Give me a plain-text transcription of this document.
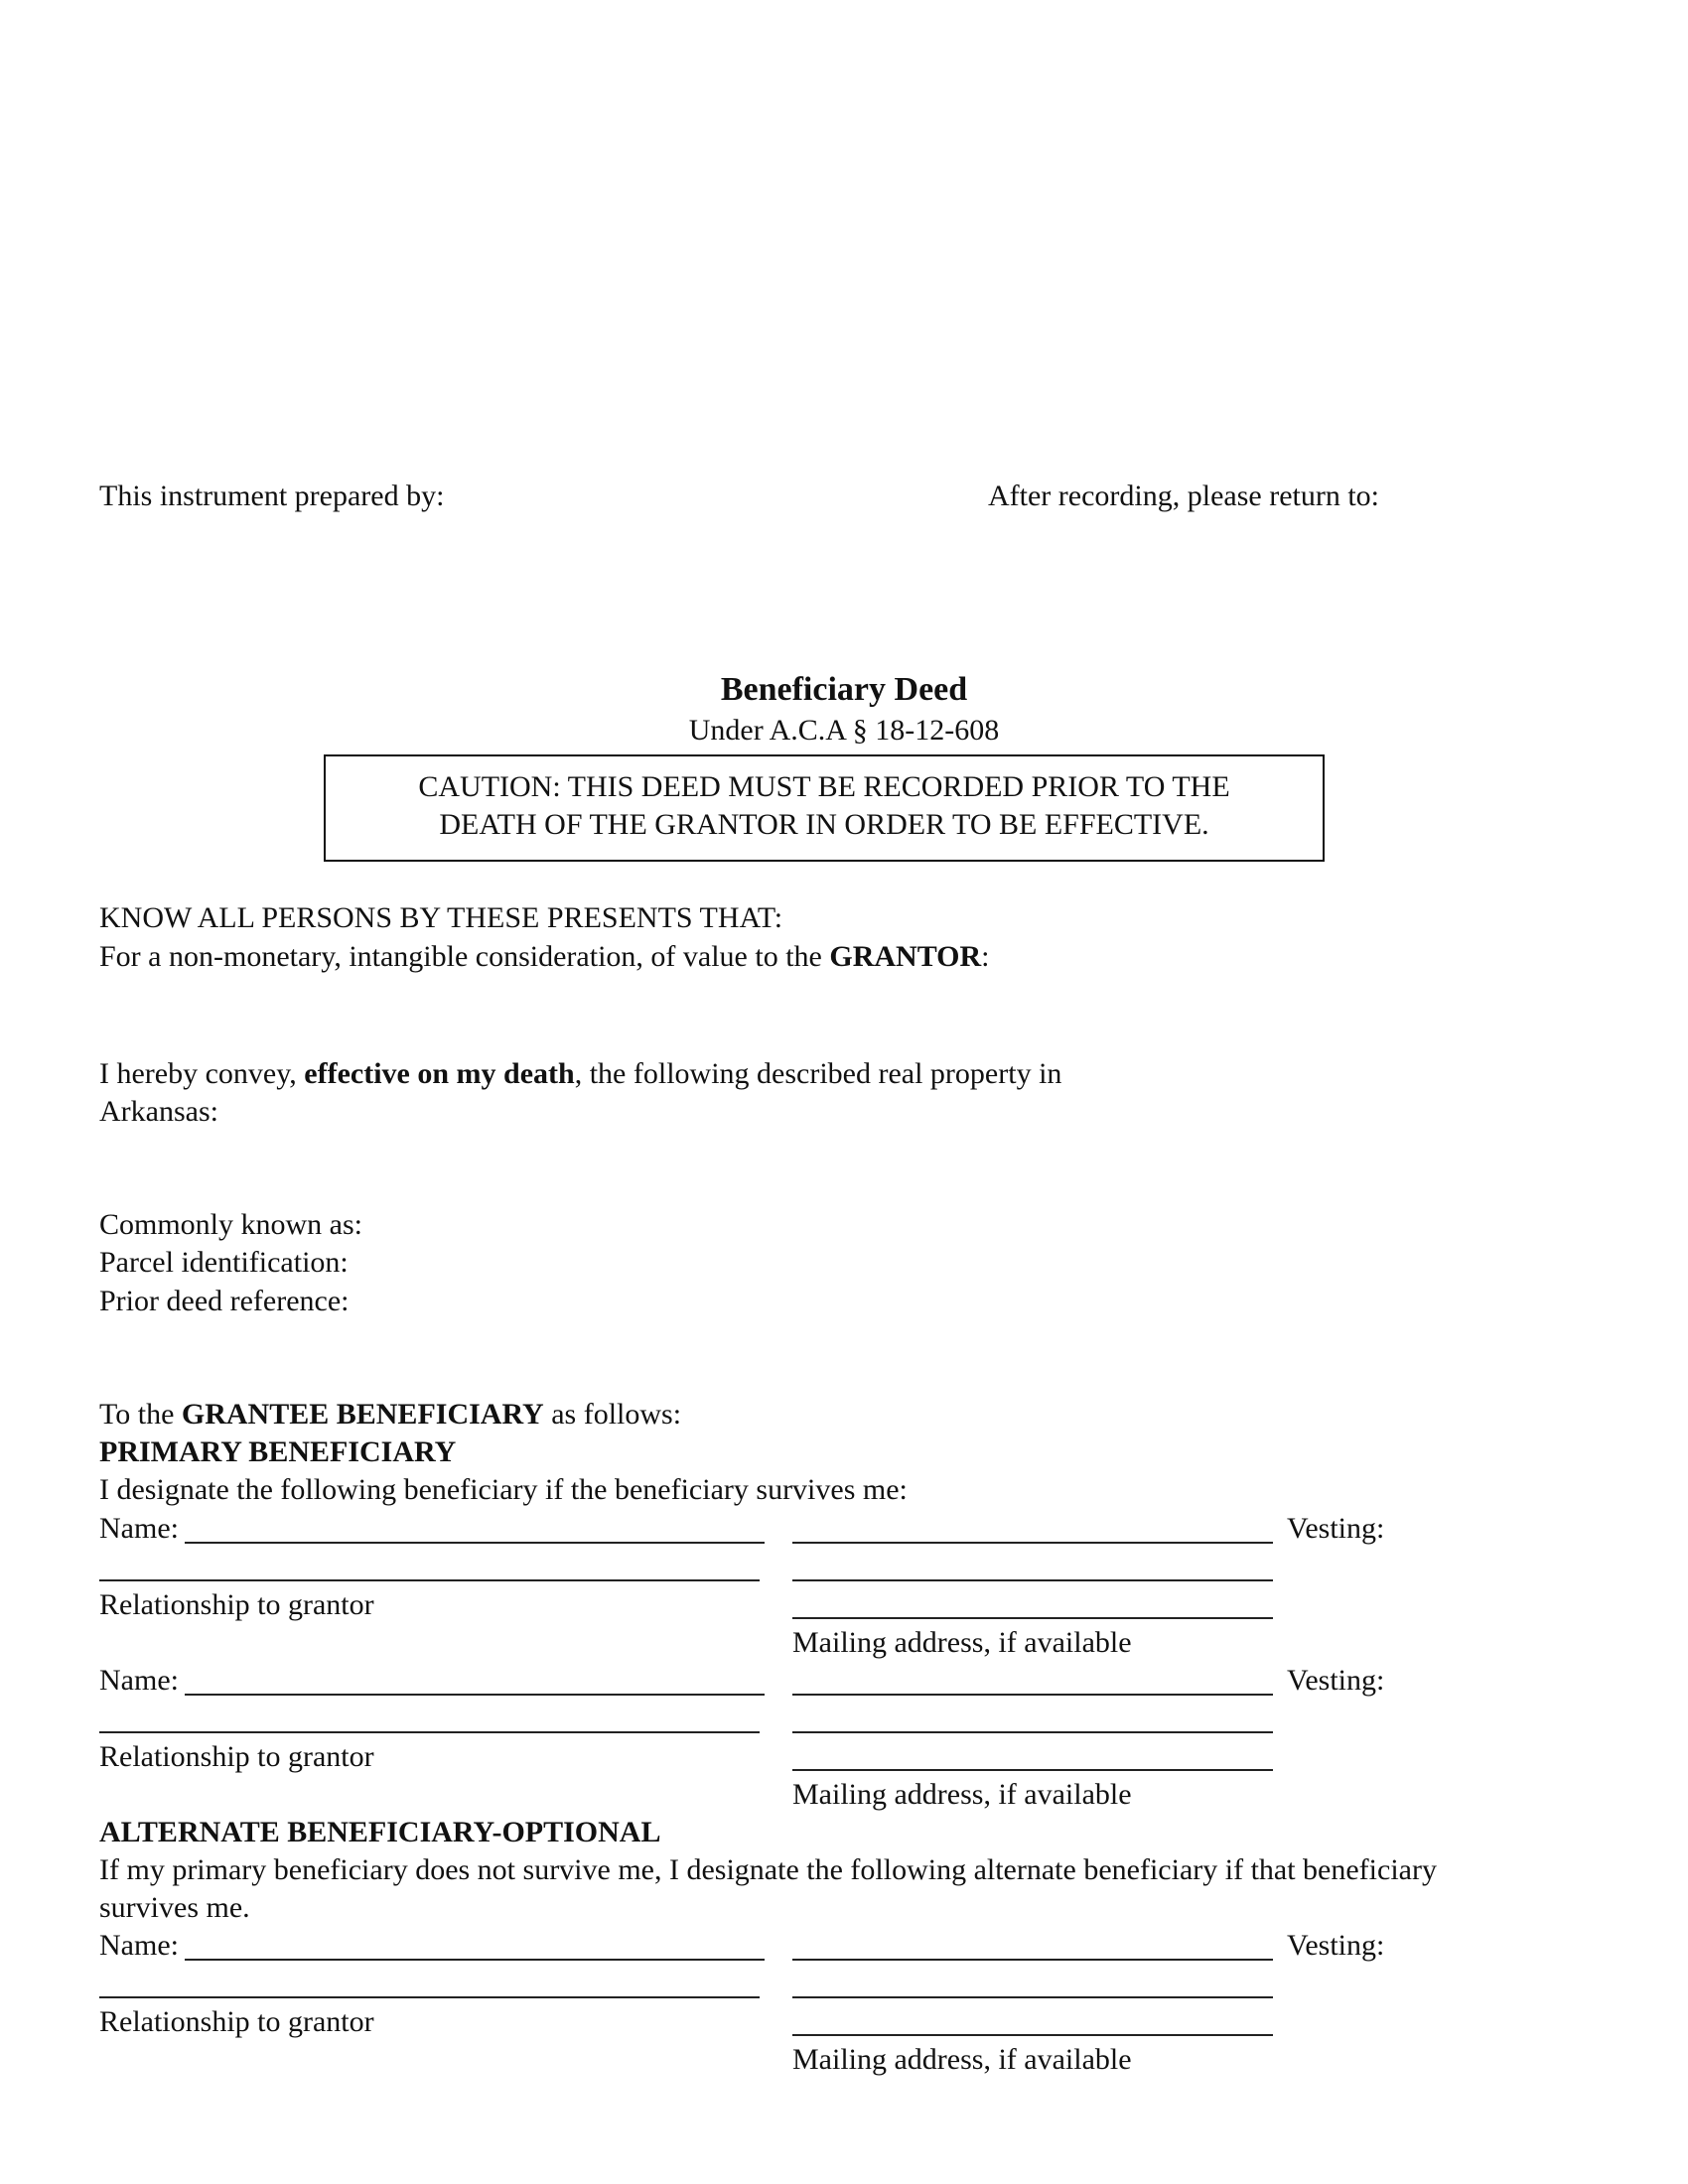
This instrument prepared by:	After recording, please return to:
Beneficiary Deed
Under A.C.A § 18-12-608
CAUTION: THIS DEED MUST BE RECORDED PRIOR TO THE
DEATH OF THE GRANTOR IN ORDER TO BE EFFECTIVE.
KNOW ALL PERSONS BY THESE PRESENTS THAT:
For a non-monetary, intangible consideration, of value to the GRANTOR:
I hereby convey, effective on my death, the following described real property in
Arkansas:
Commonly known as:
Parcel identification:
Prior deed reference:
To the GRANTEE BENEFICIARY as follows:
PRIMARY BENEFICIARY
I designate the following beneficiary if the beneficiary survives me:
Name:	Vesting:
Relationship to grantor
Mailing address, if available
Name:	Vesting:
Relationship to grantor
Mailing address, if available
ALTERNATE BENEFICIARY-OPTIONAL
If my primary beneficiary does not survive me, I designate the following alternate beneficiary if that beneficiary
survives me.
Name:	Vesting:
Relationship to grantor
Mailing address, if available
